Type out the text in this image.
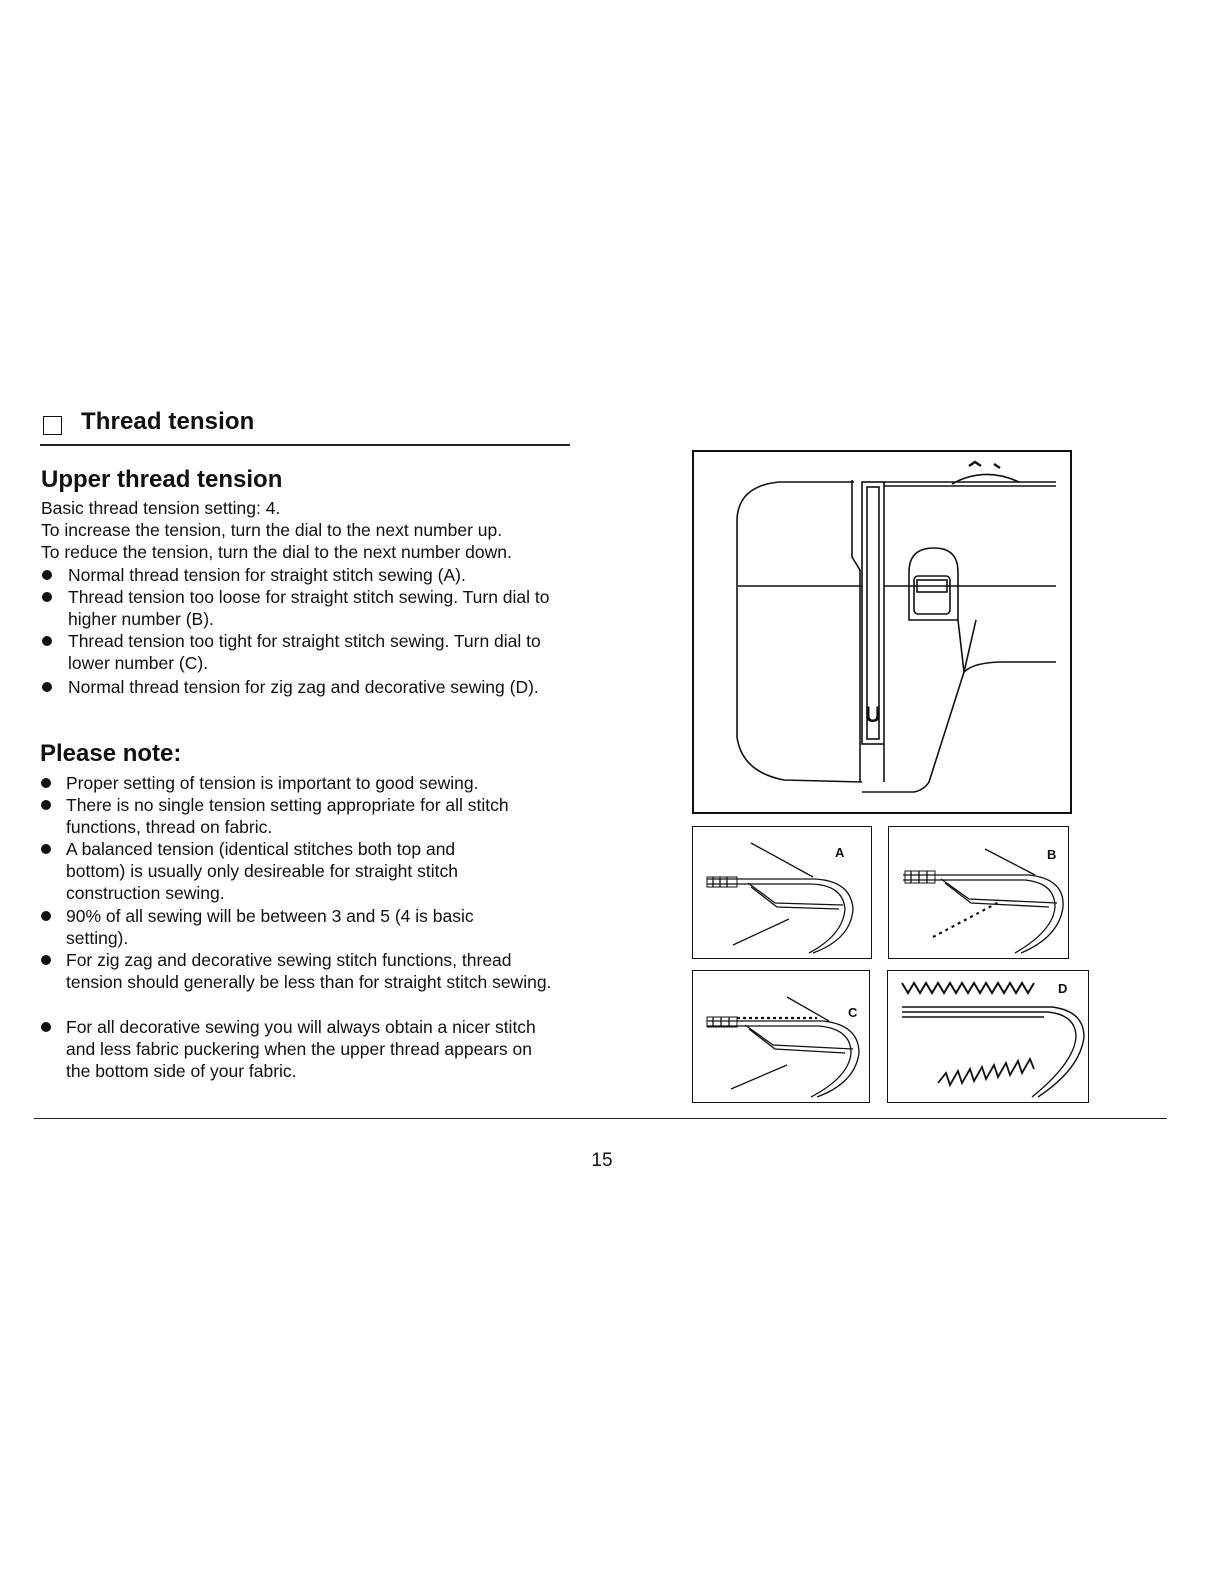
Thread tension
Upper thread tension
Basic thread tension setting: 4.
To increase the tension, turn the dial to the next number up.
To reduce the tension, turn the dial to the next number down.
Normal thread tension for straight stitch sewing (A).
Thread tension too loose for straight stitch sewing. Turn dial to higher number (B).
Thread tension too tight for straight stitch sewing. Turn dial to lower number (C).
Normal thread tension for zig zag and decorative sewing (D).
Please note:
Proper setting of tension is important to good sewing.
There is no single tension setting appropriate for all stitch functions, thread on fabric.
A balanced tension (identical stitches both top and bottom) is usually only desireable for straight stitch construction sewing.
90% of all sewing will be between 3 and 5 (4 is basic setting).
For zig zag and decorative sewing stitch functions, thread tension should generally be less than for straight stitch sewing.
For all decorative sewing you will always obtain a nicer stitch and less fabric puckering when the upper thread appears on the bottom side of your fabric.
U
A	B
C
D
15
